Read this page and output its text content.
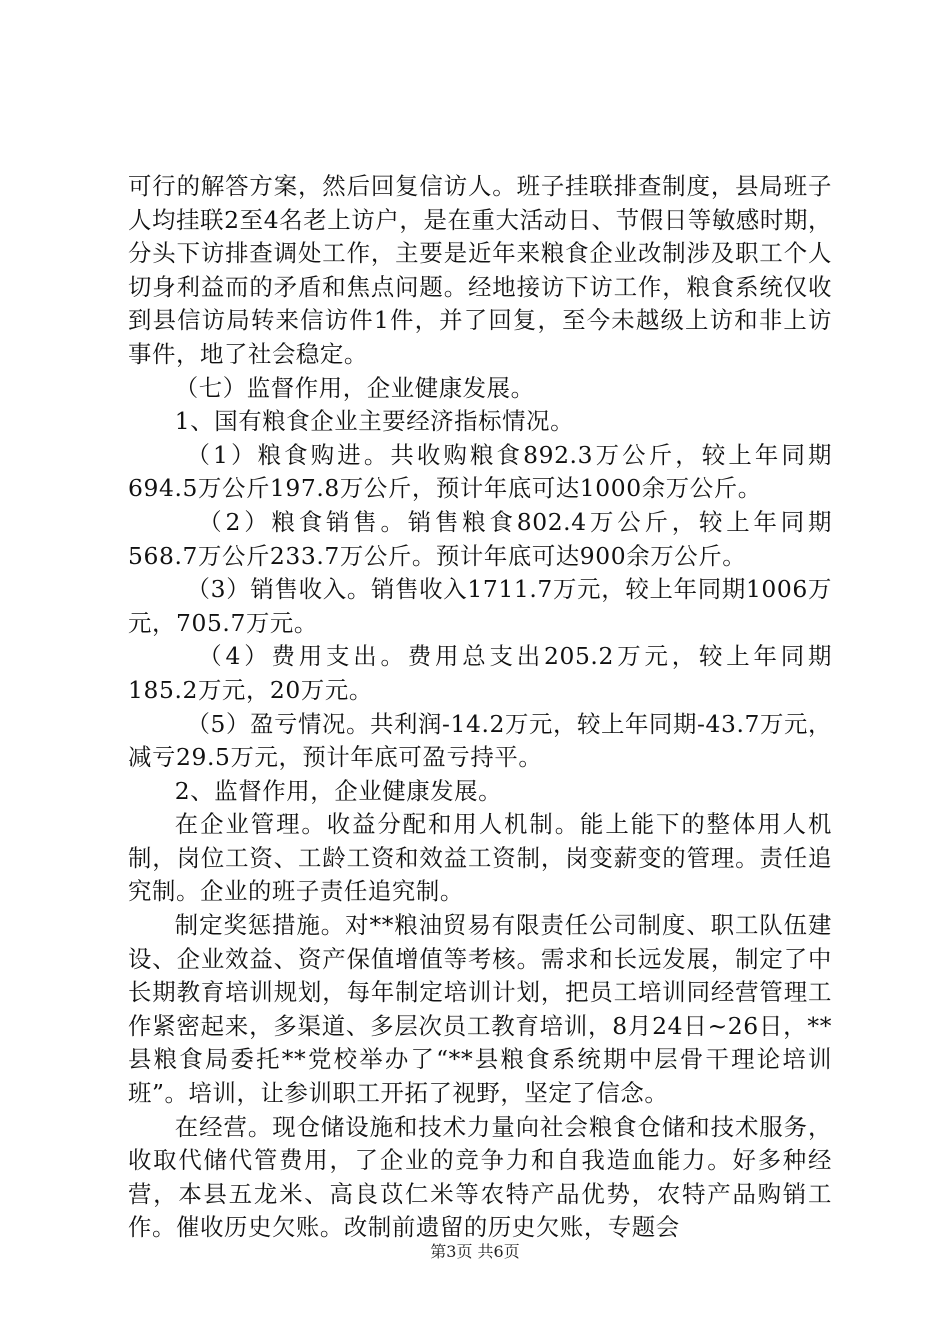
可行的解答方案，然后回复信访人。班子挂联排查制度，县局班子人均挂联2至4名老上访户，是在重大活动日、节假日等敏感时期，分头下访排查调处工作，主要是近年来粮食企业改制涉及职工个人切身利益而的矛盾和焦点问题。经地接访下访工作，粮食系统仅收到县信访局转来信访件1件，并了回复，至今未越级上访和非上访事件，地了社会稳定。

（七）监督作用，企业健康发展。

1、国有粮食企业主要经济指标情况。

（1）粮食购进。共收购粮食892.3万公斤，较上年同期694.5万公斤197.8万公斤，预计年底可达1000余万公斤。

（2）粮食销售。销售粮食802.4万公斤，较上年同期568.7万公斤233.7万公斤。预计年底可达900余万公斤。

（3）销售收入。销售收入1711.7万元，较上年同期1006万元，705.7万元。

（4）费用支出。费用总支出205.2万元，较上年同期185.2万元，20万元。

（5）盈亏情况。共利润-14.2万元，较上年同期-43.7万元，减亏29.5万元，预计年底可盈亏持平。

2、监督作用，企业健康发展。

在企业管理。收益分配和用人机制。能上能下的整体用人机制，岗位工资、工龄工资和效益工资制，岗变薪变的管理。责任追究制。企业的班子责任追究制。

制定奖惩措施。对**粮油贸易有限责任公司制度、职工队伍建设、企业效益、资产保值增值等考核。需求和长远发展，制定了中长期教育培训规划，每年制定培训计划，把员工培训同经营管理工作紧密起来，多渠道、多层次员工教育培训，8月24日~26日，**县粮食局委托**党校举办了“**县粮食系统期中层骨干理论培训班”。培训，让参训职工开拓了视野，坚定了信念。

在经营。现仓储设施和技术力量向社会粮食仓储和技术服务，收取代储代管费用，了企业的竞争力和自我造血能力。好多种经营，本县五龙米、高良苡仁米等农特产品优势，农特产品购销工作。催收历史欠账。改制前遗留的历史欠账，专题会

第3页 共6页
